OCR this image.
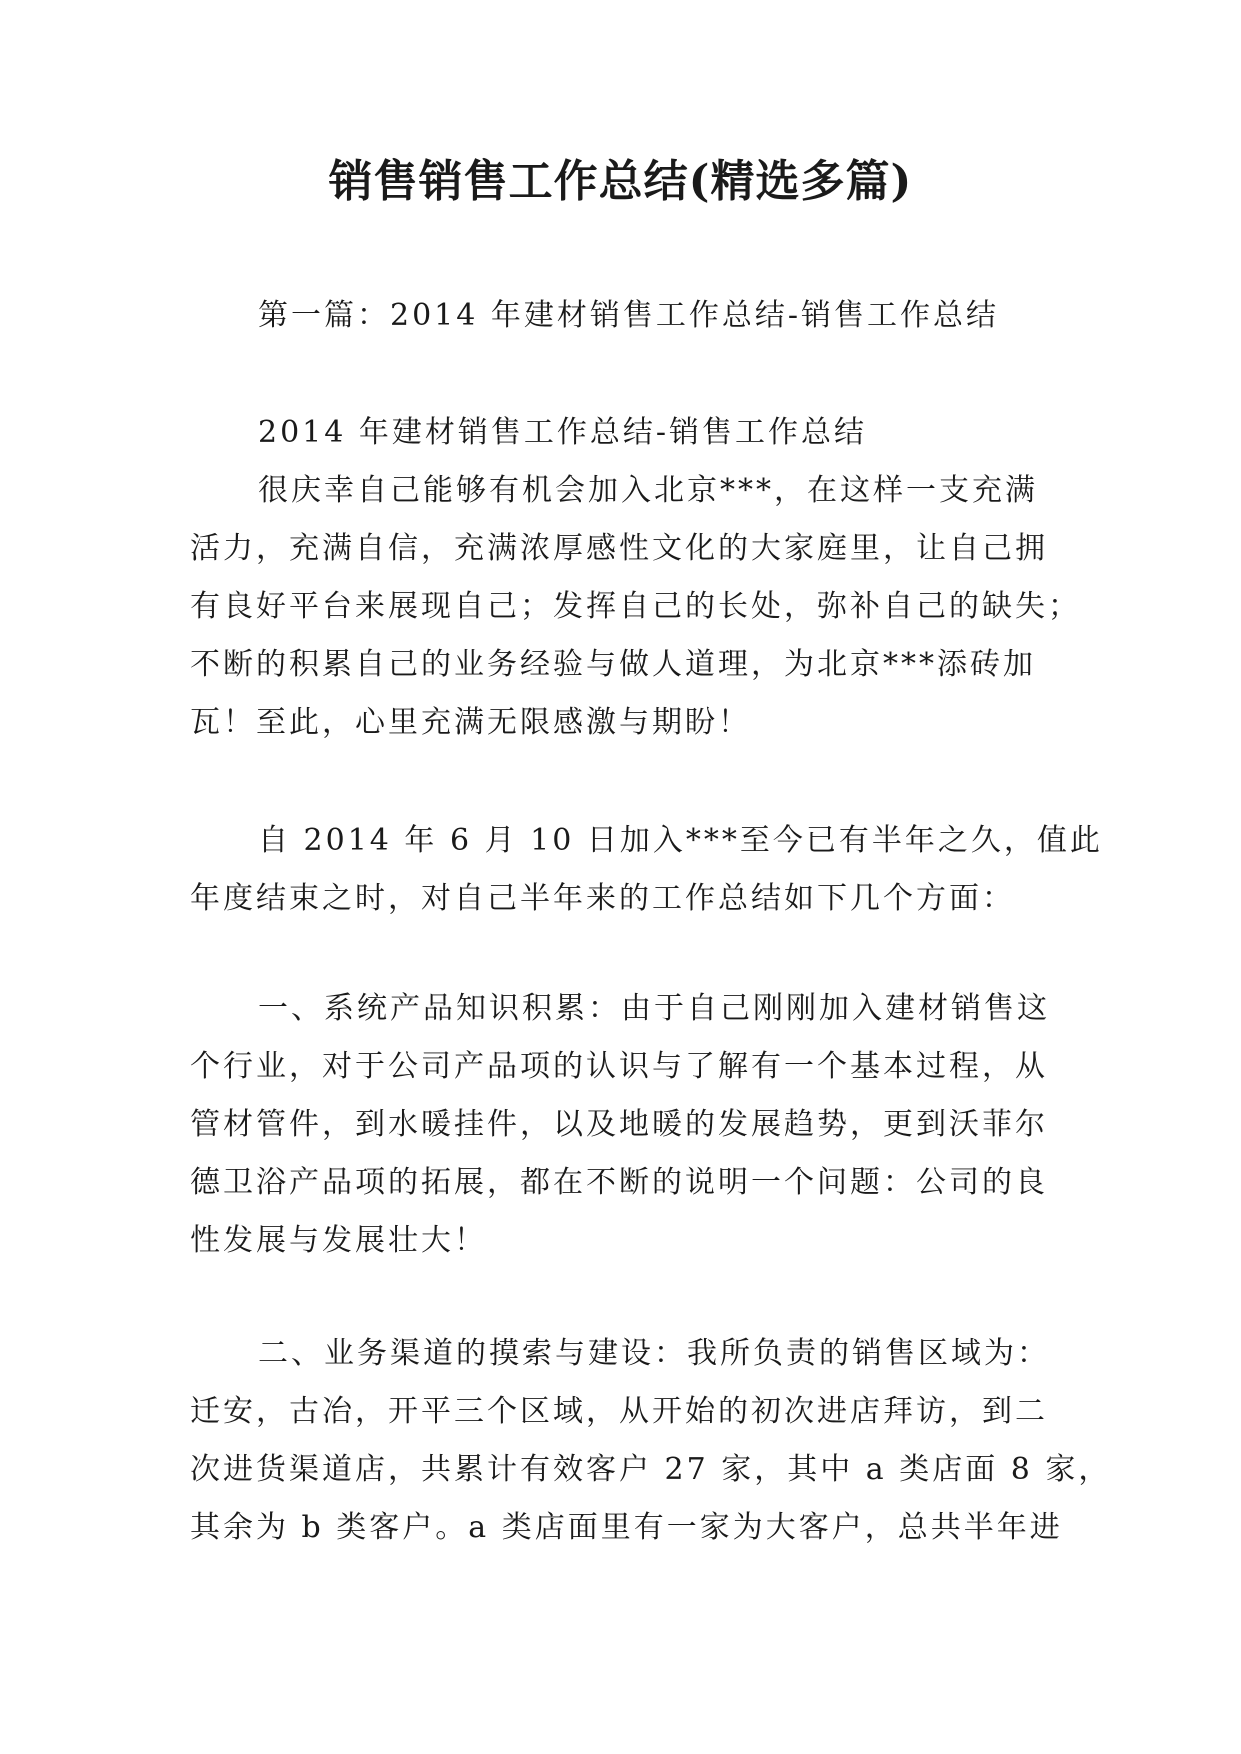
销售销售工作总结(精选多篇)

第一篇：2014 年建材销售工作总结-销售工作总结

2014 年建材销售工作总结-销售工作总结
很庆幸自己能够有机会加入北京***，在这样一支充满
活力，充满自信，充满浓厚感性文化的大家庭里，让自己拥
有良好平台来展现自己；发挥自己的长处，弥补自己的缺失；
不断的积累自己的业务经验与做人道理，为北京***添砖加
瓦！至此，心里充满无限感激与期盼！
自 2014 年 6 月 10 日加入***至今已有半年之久，值此
年度结束之时，对自己半年来的工作总结如下几个方面：
一、系统产品知识积累：由于自己刚刚加入建材销售这
个行业，对于公司产品项的认识与了解有一个基本过程，从
管材管件，到水暖挂件，以及地暖的发展趋势，更到沃菲尔
德卫浴产品项的拓展，都在不断的说明一个问题：公司的良
性发展与发展壮大！
二、业务渠道的摸索与建设：我所负责的销售区域为：
迁安，古冶，开平三个区域，从开始的初次进店拜访，到二
次进货渠道店，共累计有效客户 27 家，其中 a 类店面 8 家，
其余为 b 类客户。a 类店面里有一家为大客户，总共半年进
